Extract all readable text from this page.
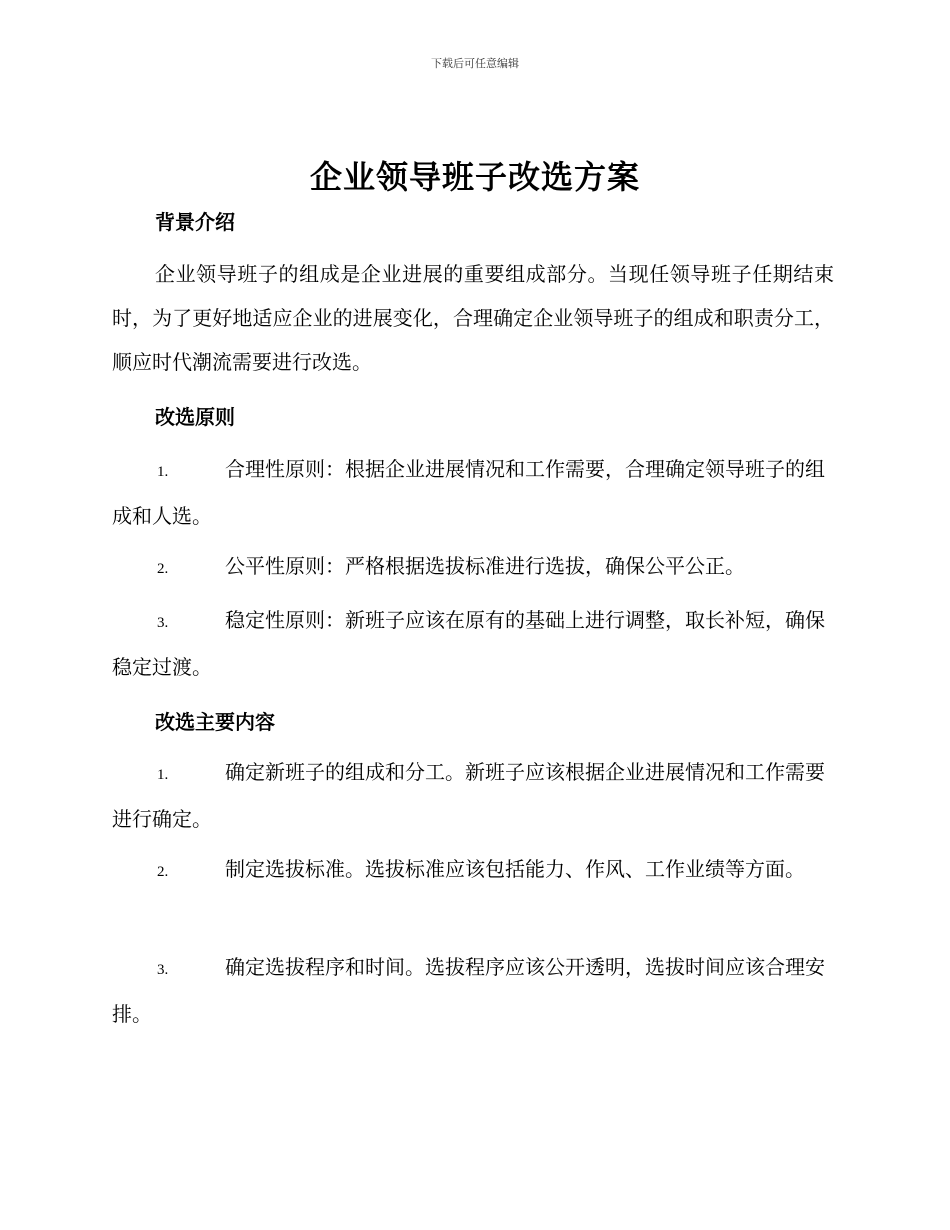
下载后可任意编辑
企业领导班子改选方案
背景介绍
企业领导班子的组成是企业进展的重要组成部分。当现任领导班子任期结束时，为了更好地适应企业的进展变化，合理确定企业领导班子的组成和职责分工，顺应时代潮流需要进行改选。
改选原则
1.	合理性原则：根据企业进展情况和工作需要，合理确定领导班子的组成和人选。
2.	公平性原则：严格根据选拔标准进行选拔，确保公平公正。
3.	稳定性原则：新班子应该在原有的基础上进行调整，取长补短，确保稳定过渡。
改选主要内容
1.	确定新班子的组成和分工。新班子应该根据企业进展情况和工作需要进行确定。
2.	制定选拔标准。选拔标准应该包括能力、作风、工作业绩等方面。
3.	确定选拔程序和时间。选拔程序应该公开透明，选拔时间应该合理安排。
